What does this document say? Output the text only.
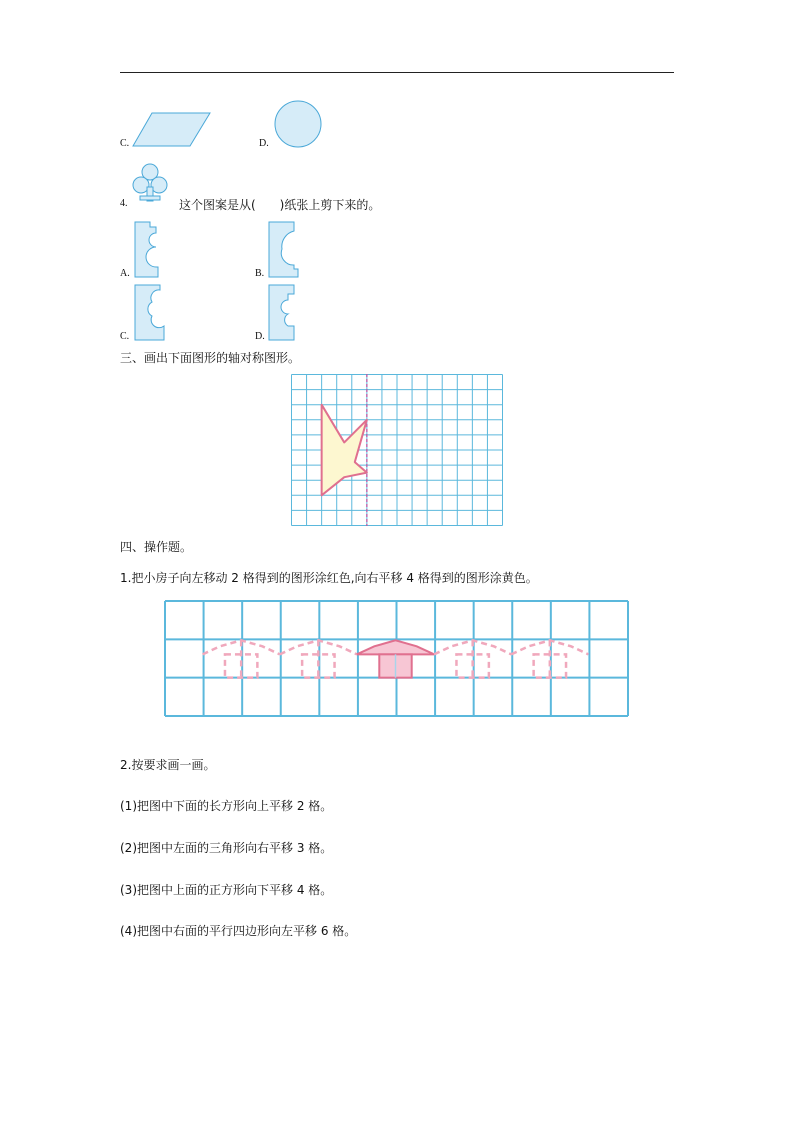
C.	D.
4.	这个图案是从(　　)纸张上剪下来的。
A.	B.
C.	D.
三、画出下面图形的轴对称图形。
四、操作题。
1.把小房子向左移动 2 格得到的图形涂红色,向右平移 4 格得到的图形涂黄色。
2.按要求画一画。
(1)把图中下面的长方形向上平移 2 格。
(2)把图中左面的三角形向右平移 3 格。
(3)把图中上面的正方形向下平移 4 格。
(4)把图中右面的平行四边形向左平移 6 格。
